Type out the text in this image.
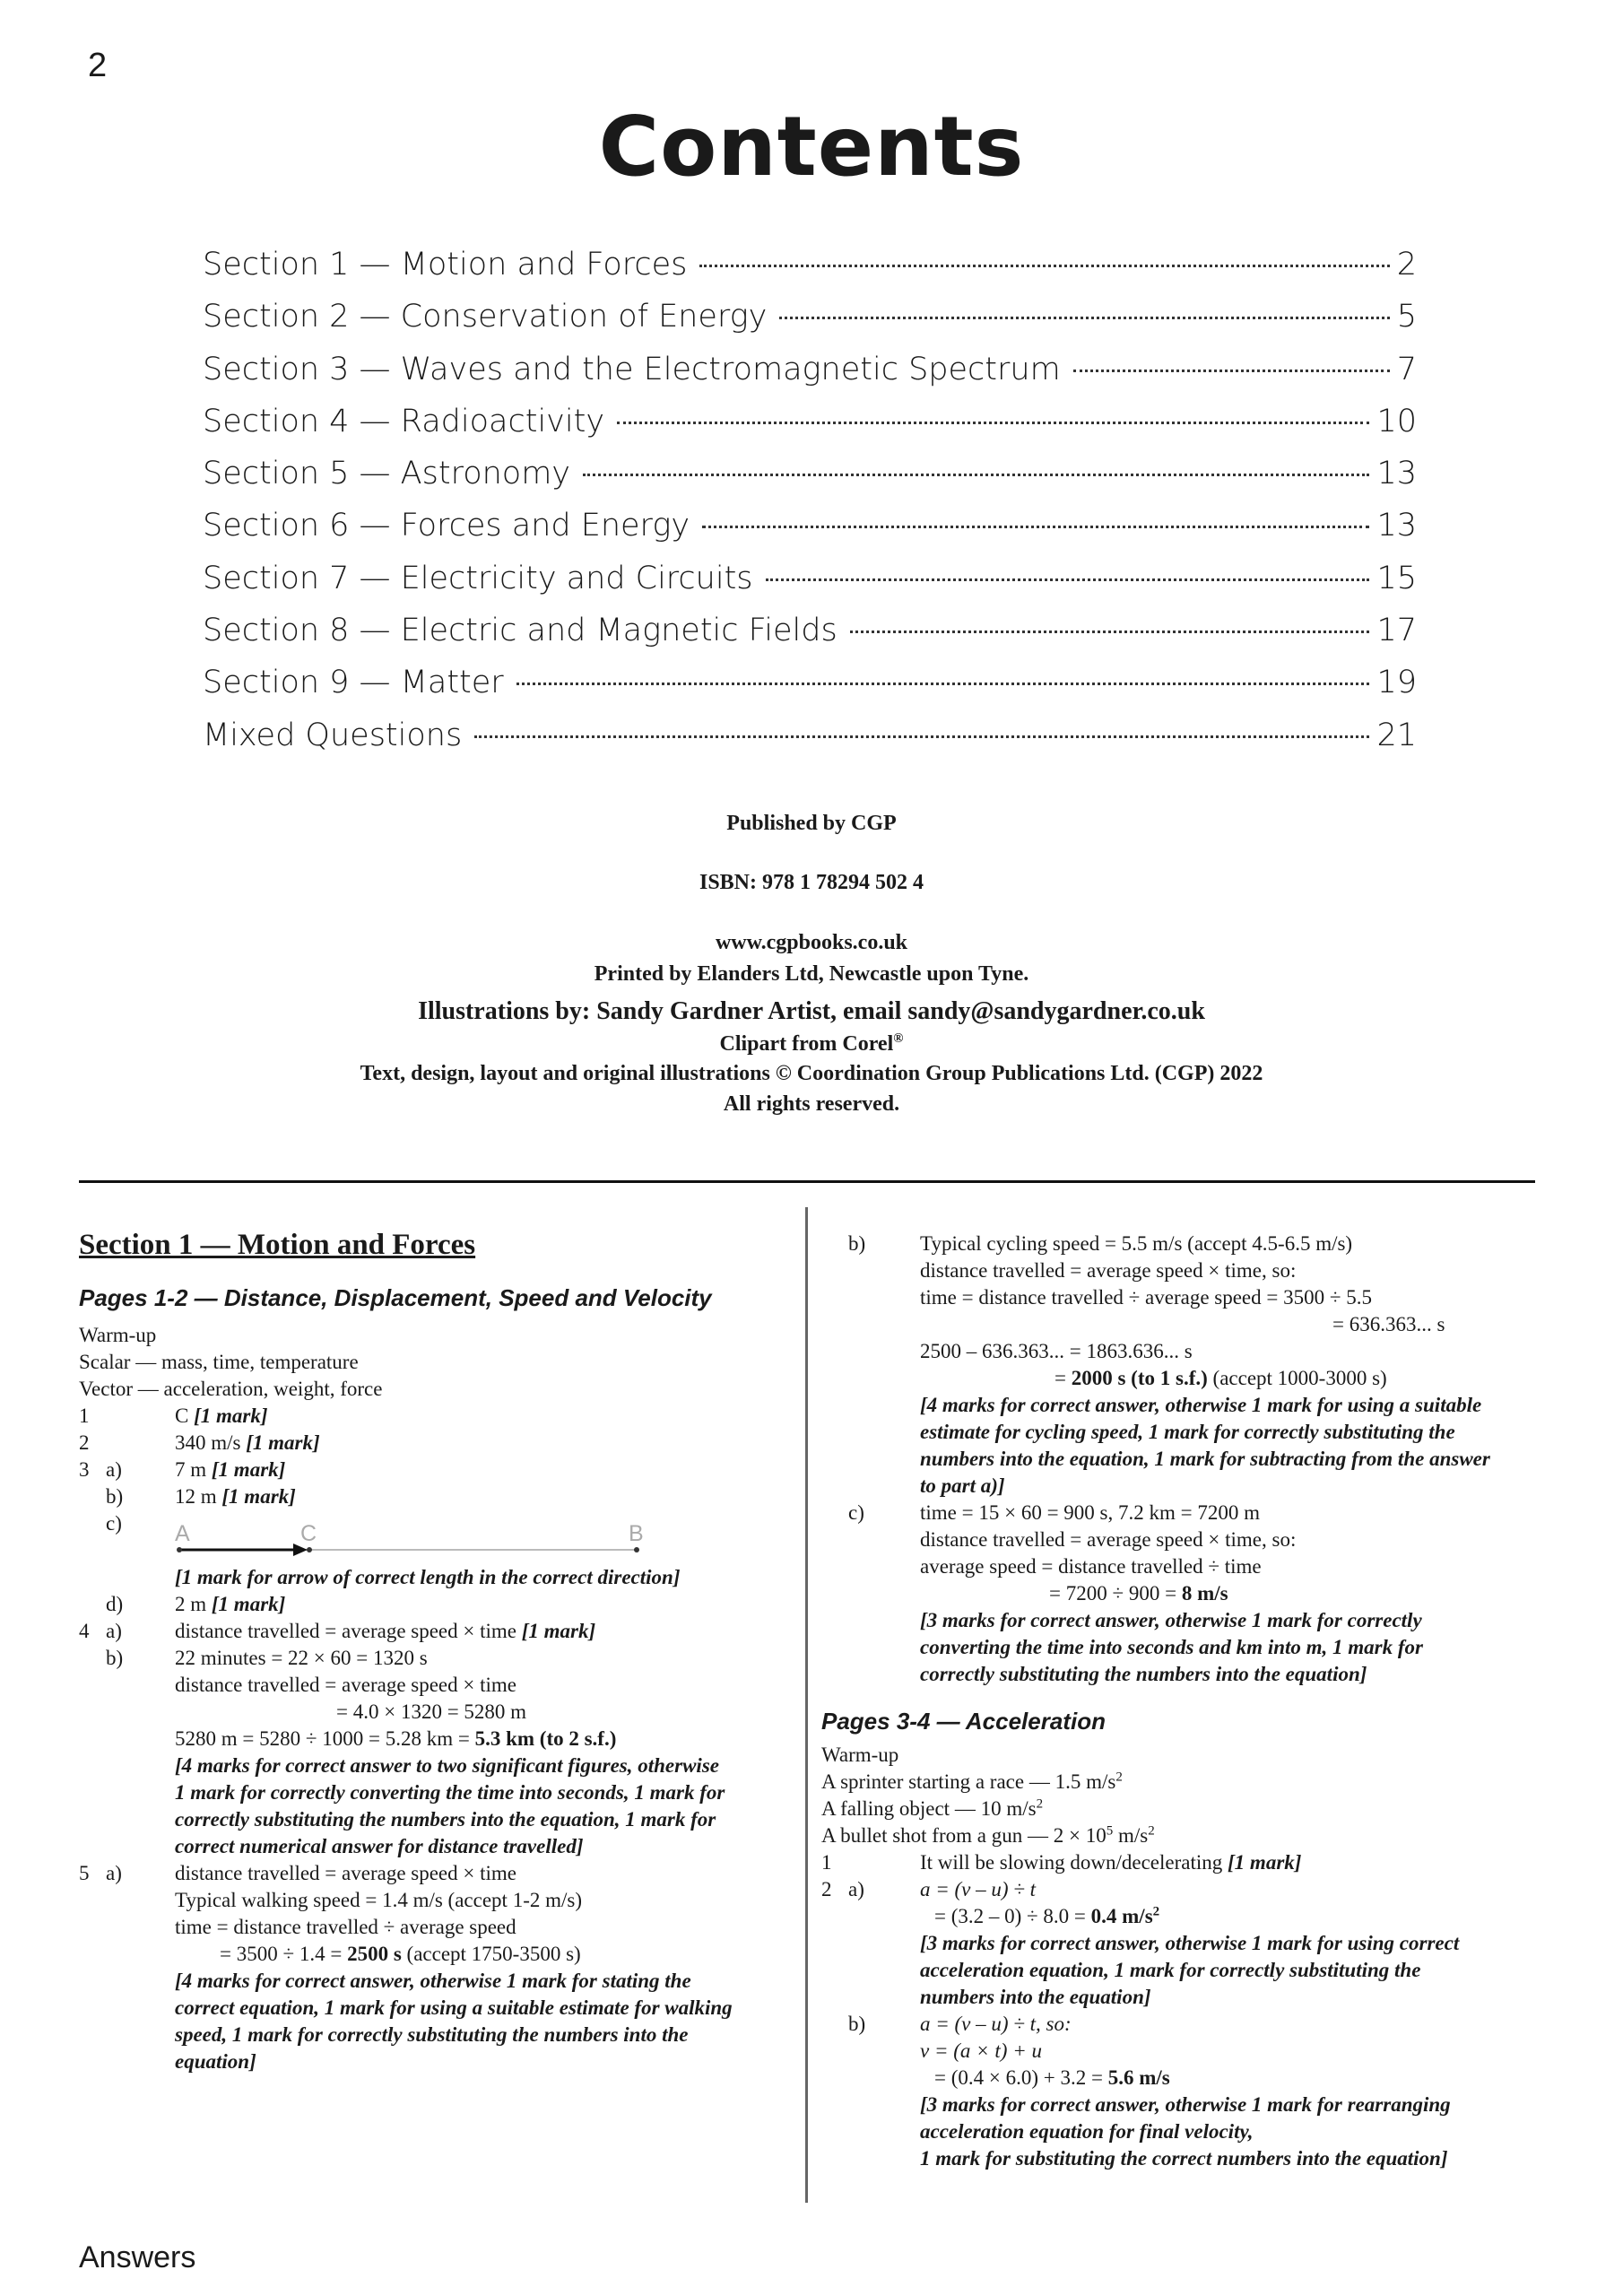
2
Contents
Section 1 — Motion and Forces	2
Section 2 — Conservation of Energy	5
Section 3 — Waves and the Electromagnetic Spectrum	7
Section 4 — Radioactivity	10
Section 5 — Astronomy	13
Section 6 — Forces and Energy	13
Section 7 — Electricity and Circuits	15
Section 8 — Electric and Magnetic Fields	17
Section 9 — Matter	19
Mixed Questions	21
Published by CGP
ISBN: 978 1 78294 502 4
www.cgpbooks.co.uk
Printed by Elanders Ltd, Newcastle upon Tyne.
Illustrations by: Sandy Gardner Artist, email sandy@sandygardner.co.uk
Clipart from Corel®
Text, design, layout and original illustrations © Coordination Group Publications Ltd. (CGP) 2022
All rights reserved.
Section 1 — Motion and Forces
Pages 1-2 — Distance, Displacement, Speed and Velocity
Warm-up
Scalar — mass, time, temperature
Vector — acceleration, weight, force
1	C [1 mark]
2	340 m/s [1 mark]
3 a)	7 m [1 mark]
b)	12 m [1 mark]
c) A	C	B
[1 mark for arrow of correct length in the correct direction]
d)	2 m [1 mark]
4 a)	distance travelled = average speed × time [1 mark]
b)	22 minutes = 22 × 60 = 1320 s
distance travelled = average speed × time
= 4.0 × 1320 = 5280 m
5280 m = 5280 ÷ 1000 = 5.28 km = 5.3 km (to 2 s.f.)
[4 marks for correct answer to two significant figures, otherwise
1 mark for correctly converting the time into seconds, 1 mark for
correctly substituting the numbers into the equation, 1 mark for
correct numerical answer for distance travelled]
5 a)	distance travelled = average speed × time
Typical walking speed = 1.4 m/s (accept 1-2 m/s)
time = distance travelled ÷ average speed
= 3500 ÷ 1.4 = 2500 s (accept 1750-3500 s)
[4 marks for correct answer, otherwise 1 mark for stating the
correct equation, 1 mark for using a suitable estimate for walking
speed, 1 mark for correctly substituting the numbers into the
equation]
b)	Typical cycling speed = 5.5 m/s (accept 4.5-6.5 m/s)
distance travelled = average speed × time, so:
time = distance travelled ÷ average speed = 3500 ÷ 5.5
= 636.363... s
2500 – 636.363... = 1863.636... s
= 2000 s (to 1 s.f.) (accept 1000-3000 s)
[4 marks for correct answer, otherwise 1 mark for using a suitable
estimate for cycling speed, 1 mark for correctly substituting the
numbers into the equation, 1 mark for subtracting from the answer
to part a)]
c)	time = 15 × 60 = 900 s, 7.2 km = 7200 m
distance travelled = average speed × time, so:
average speed = distance travelled ÷ time
= 7200 ÷ 900 = 8 m/s
[3 marks for correct answer, otherwise 1 mark for correctly
converting the time into seconds and km into m, 1 mark for
correctly substituting the numbers into the equation]
Pages 3-4 — Acceleration
Warm-up
A sprinter starting a race — 1.5 $m/s^2$
A falling object — 10 $m/s^2$
A bullet shot from a gun — $2 \times 10^5$ $m/s^2$
1	It will be slowing down/decelerating [1 mark]
2 a)	a = (v – u) ÷ t
= (3.2 – 0) ÷ 8.0 = 0.4 $m/s^2$
[3 marks for correct answer, otherwise 1 mark for using correct
acceleration equation, 1 mark for correctly substituting the
numbers into the equation]
b)	a = (v – u) ÷ t, so:
v = (a × t) + u
= (0.4 × 6.0) + 3.2 = 5.6 m/s
[3 marks for correct answer, otherwise 1 mark for rearranging
acceleration equation for final velocity,
1 mark for substituting the correct numbers into the equation]
Answers
